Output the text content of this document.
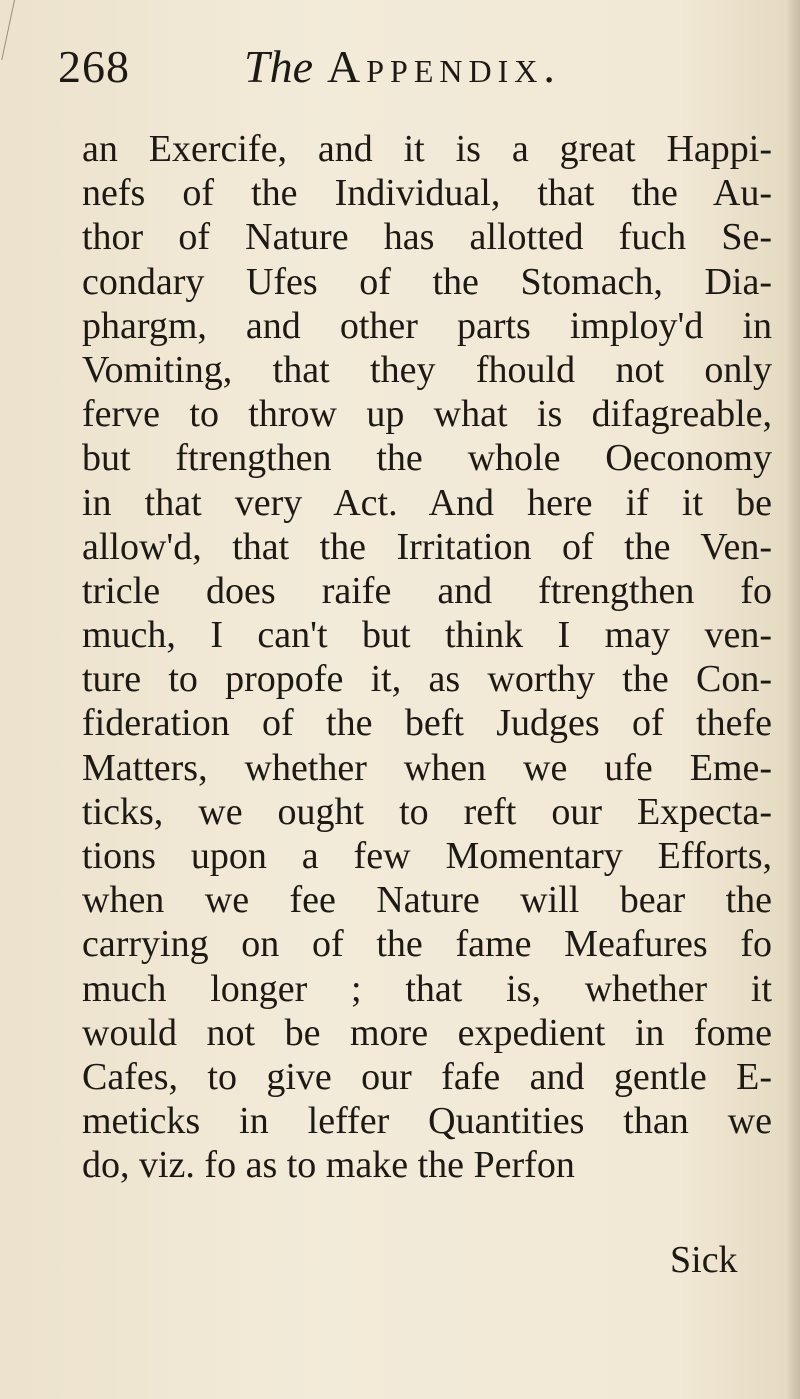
268 The Appendix.
an Exercife, and it is a great Happi-
nefs of the Individual, that the Au-
thor of Nature has allotted fuch Se-
condary Ufes of the Stomach, Dia-
phargm, and other parts imploy'd in
Vomiting, that they fhould not only
ferve to throw up what is difagreable,
but ftrengthen the whole Oeconomy
in that very Act. And here if it be
allow'd, that the Irritation of the Ven-
tricle does raife and ftrengthen fo
much, I can't but think I may ven-
ture to propofe it, as worthy the Con-
fideration of the beft Judges of thefe
Matters, whether when we ufe Eme-
ticks, we ought to reft our Expecta-
tions upon a few Momentary Efforts,
when we fee Nature will bear the
carrying on of the fame Meafures fo
much longer ; that is, whether it
would not be more expedient in fome
Cafes, to give our fafe and gentle E-
meticks in leffer Quantities than we
do, viz. fo as to make the Perfon
Sick
